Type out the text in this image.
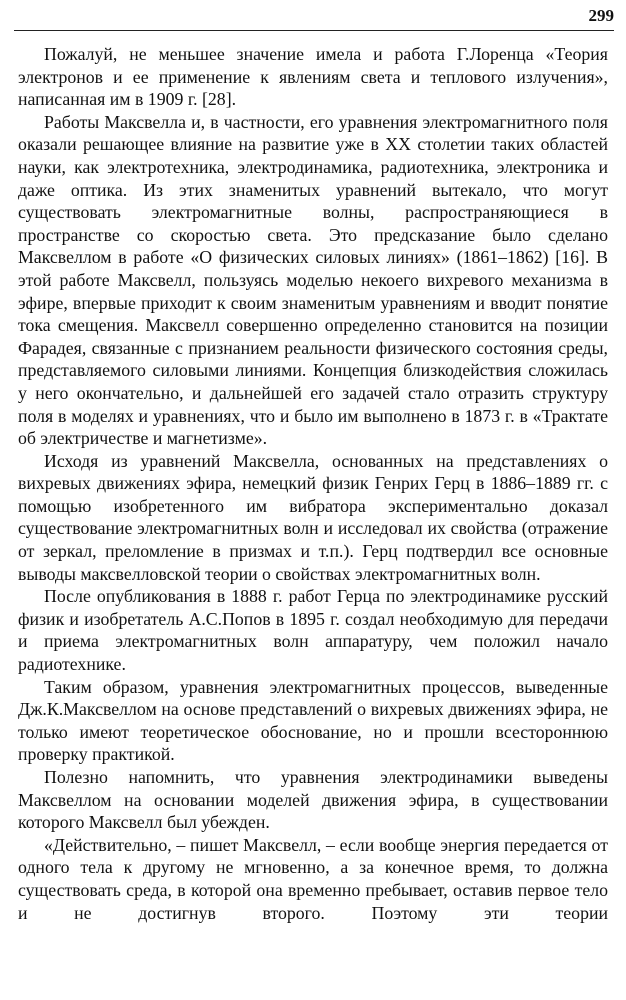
299

Пожалуй, не меньшее значение имела и работа Г.Лоренца «Теория электронов и ее применение к явлениям света и теплового излучения», написанная им в 1909 г. [28].

Работы Максвелла и, в частности, его уравнения электромагнитного поля оказали решающее влияние на развитие уже в XX столетии таких областей науки, как электротехника, электродинамика, радиотехника, электроника и даже оптика. Из этих знаменитых уравнений вытекало, что могут существовать электромагнитные волны, распространяющиеся в пространстве со скоростью света. Это предсказание было сделано Максвеллом в работе «О физических силовых линиях» (1861–1862) [16]. В этой работе Максвелл, пользуясь моделью некоего вихревого механизма в эфире, впервые приходит к своим знаменитым уравнениям и вводит понятие тока смещения. Максвелл совершенно определенно становится на позиции Фарадея, связанные с признанием реальности физического состояния среды, представляемого силовыми линиями. Концепция близкодействия сложилась у него окончательно, и дальнейшей его задачей стало отразить структуру поля в моделях и уравнениях, что и было им выполнено в 1873 г. в «Трактате об электричестве и магнетизме».

Исходя из уравнений Максвелла, основанных на представлениях о вихревых движениях эфира, немецкий физик Генрих Герц в 1886–1889 гг. с помощью изобретенного им вибратора экспериментально доказал существование электромагнитных волн и исследовал их свойства (отражение от зеркал, преломление в призмах и т.п.). Герц подтвердил все основные выводы максвелловской теории о свойствах электромагнитных волн.

После опубликования в 1888 г. работ Герца по электродинамике русский физик и изобретатель А.С.Попов в 1895 г. создал необходимую для передачи и приема электромагнитных волн аппаратуру, чем положил начало радиотехнике.

Таким образом, уравнения электромагнитных процессов, выведенные Дж.К.Максвеллом на основе представлений о вихревых движениях эфира, не только имеют теоретическое обоснование, но и прошли всестороннюю проверку практикой.

Полезно напомнить, что уравнения электродинамики выведены Максвеллом на основании моделей движения эфира, в существовании которого Максвелл был убежден.

«Действительно, – пишет Максвелл, – если вообще энергия передается от одного тела к другому не мгновенно, а за конечное время, то должна существовать среда, в которой она временно пребывает, оставив первое тело и не достигнув второго. Поэтому эти теории
